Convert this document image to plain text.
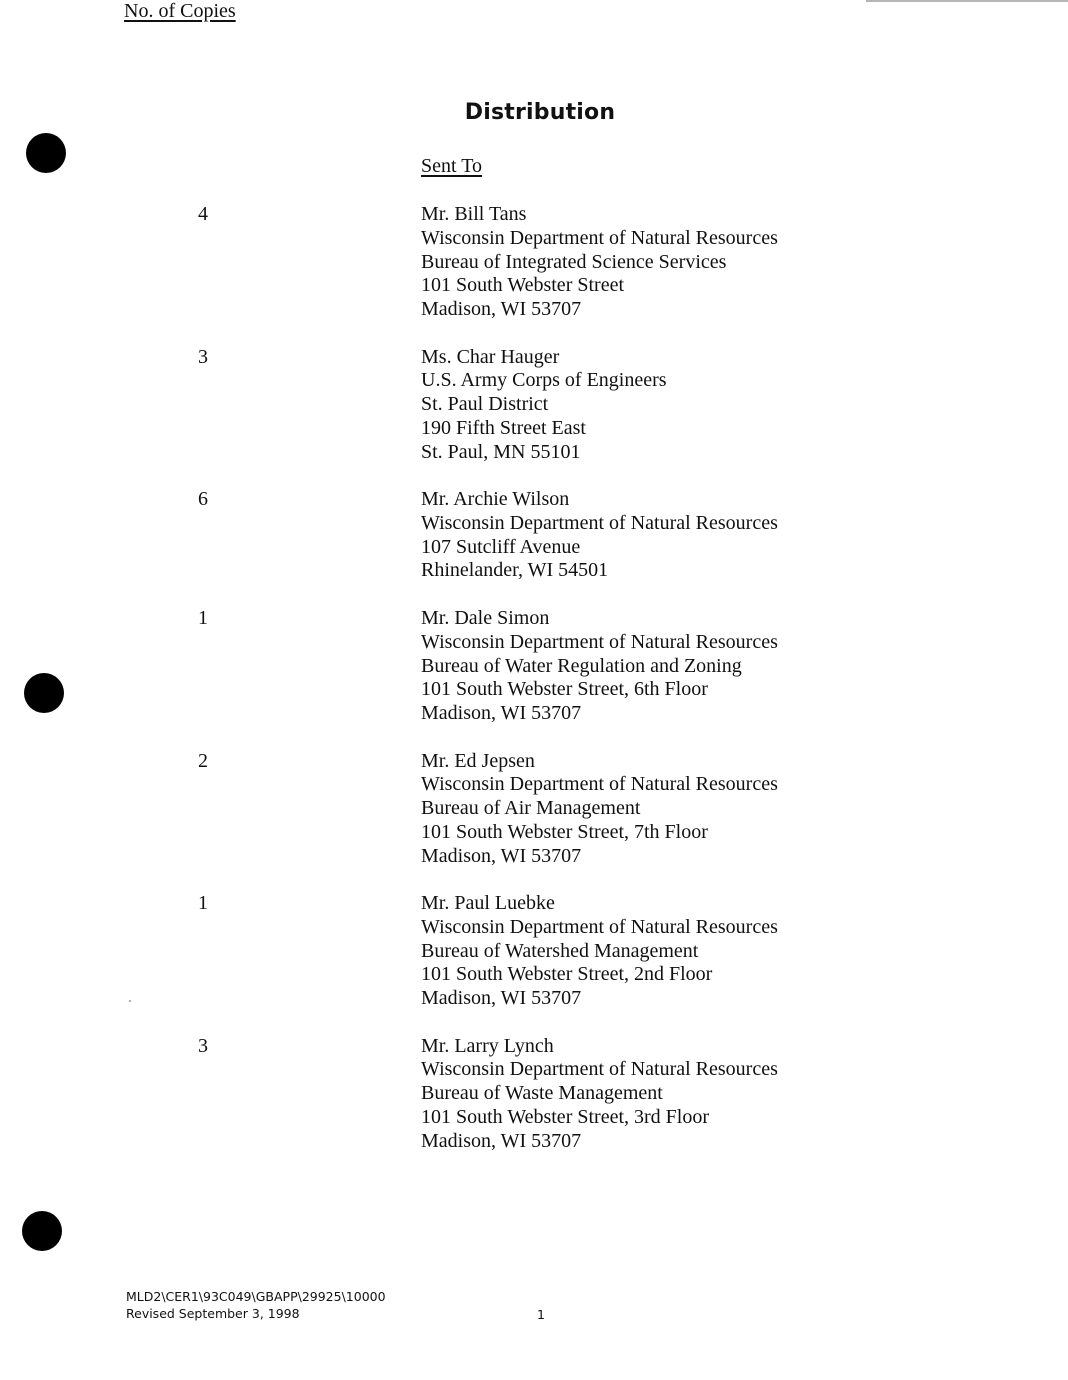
Distribution
No. of Copies
Sent To
4	Mr. Bill Tans
Wisconsin Department of Natural Resources
Bureau of Integrated Science Services
101 South Webster Street
Madison, WI 53707
3	Ms. Char Hauger
U.S. Army Corps of Engineers
St. Paul District
190 Fifth Street East
St. Paul, MN 55101
6	Mr. Archie Wilson
Wisconsin Department of Natural Resources
107 Sutcliff Avenue
Rhinelander, WI 54501
1	Mr. Dale Simon
Wisconsin Department of Natural Resources
Bureau of Water Regulation and Zoning
101 South Webster Street, 6th Floor
Madison, WI 53707
2	Mr. Ed Jepsen
Wisconsin Department of Natural Resources
Bureau of Air Management
101 South Webster Street, 7th Floor
Madison, WI 53707
1	Mr. Paul Luebke
Wisconsin Department of Natural Resources
Bureau of Watershed Management
101 South Webster Street, 2nd Floor
Madison, WI 53707
3	Mr. Larry Lynch
Wisconsin Department of Natural Resources
Bureau of Waste Management
101 South Webster Street, 3rd Floor
Madison, WI 53707
MLD2\CER1\93C049\GBAPP\29925\10000
Revised September 3, 1998	1
